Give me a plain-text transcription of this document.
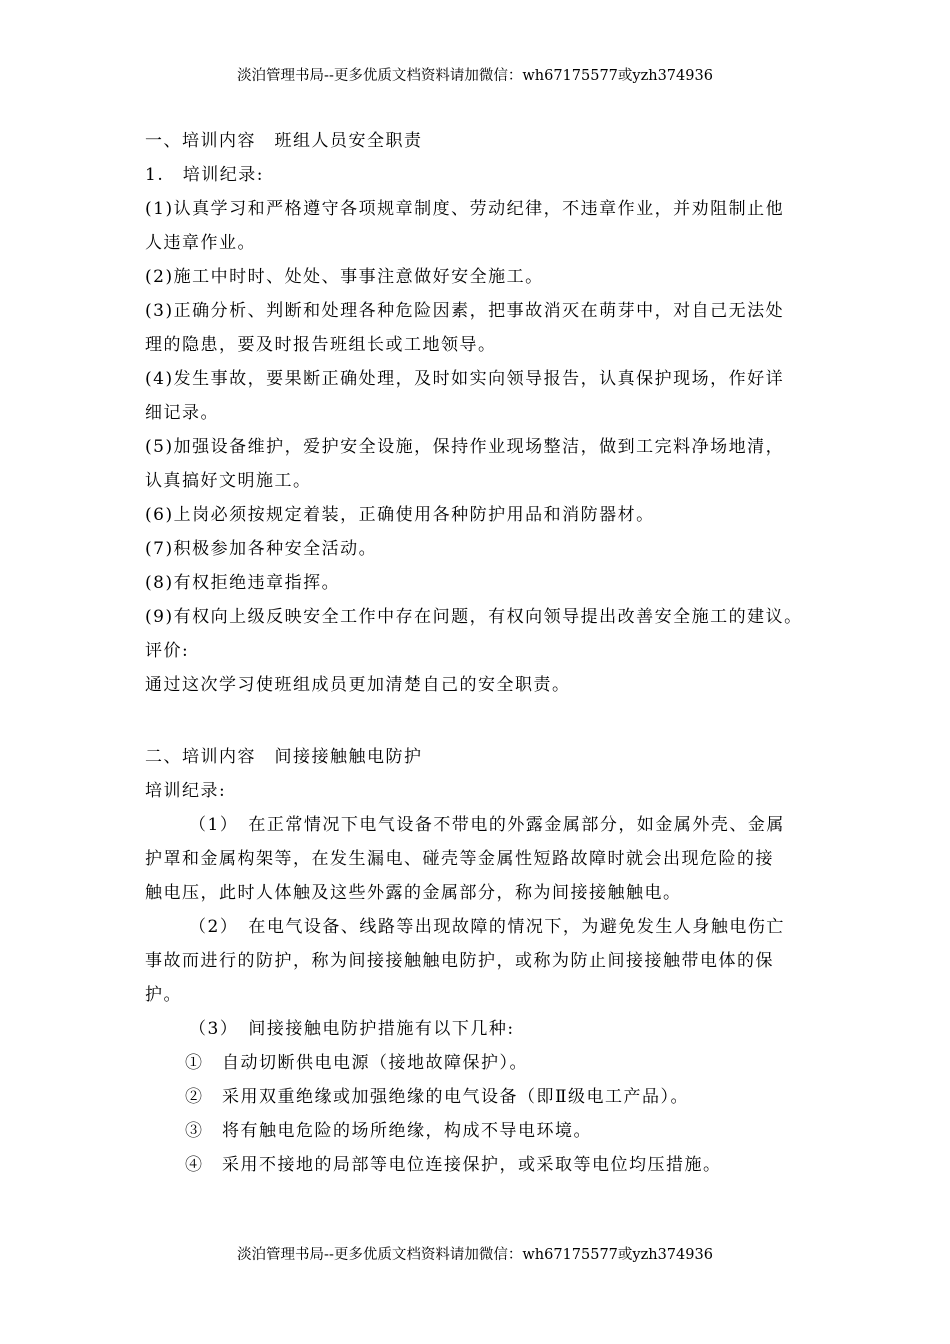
淡泊管理书局--更多优质文档资料请加微信：wh67175577或yzh374936
一、培训内容　班组人员安全职责
1.　培训纪录:
(1)认真学习和严格遵守各项规章制度、劳动纪律，不违章作业，并劝阻制止他
人违章作业。
(2)施工中时时、处处、事事注意做好安全施工。
(3)正确分析、判断和处理各种危险因素，把事故消灭在萌芽中，对自己无法处
理的隐患，要及时报告班组长或工地领导。
(4)发生事故，要果断正确处理，及时如实向领导报告，认真保护现场，作好详
细记录。
(5)加强设备维护，爱护安全设施，保持作业现场整洁，做到工完料净场地清，
认真搞好文明施工。
(6)上岗必须按规定着装，正确使用各种防护用品和消防器材。
(7)积极参加各种安全活动。
(8)有权拒绝违章指挥。
(9)有权向上级反映安全工作中存在问题，有权向领导提出改善安全施工的建议。
评价:
通过这次学习使班组成员更加清楚自己的安全职责。
二、培训内容　间接接触触电防护
培训纪录:
（1）　在正常情况下电气设备不带电的外露金属部分，如金属外壳、金属
护罩和金属构架等，在发生漏电、碰壳等金属性短路故障时就会出现危险的接
触电压，此时人体触及这些外露的金属部分，称为间接接触触电。
（2）　在电气设备、线路等出现故障的情况下，为避免发生人身触电伤亡
事故而进行的防护，称为间接接触触电防护，或称为防止间接接触带电体的保
护。
（3）　间接接触电防护措施有以下几种:
①　自动切断供电电源（接地故障保护）。
②　采用双重绝缘或加强绝缘的电气设备（即Ⅱ级电工产品）。
③　将有触电危险的场所绝缘，构成不导电环境。
④　采用不接地的局部等电位连接保护，或采取等电位均压措施。
淡泊管理书局--更多优质文档资料请加微信：wh67175577或yzh374936
